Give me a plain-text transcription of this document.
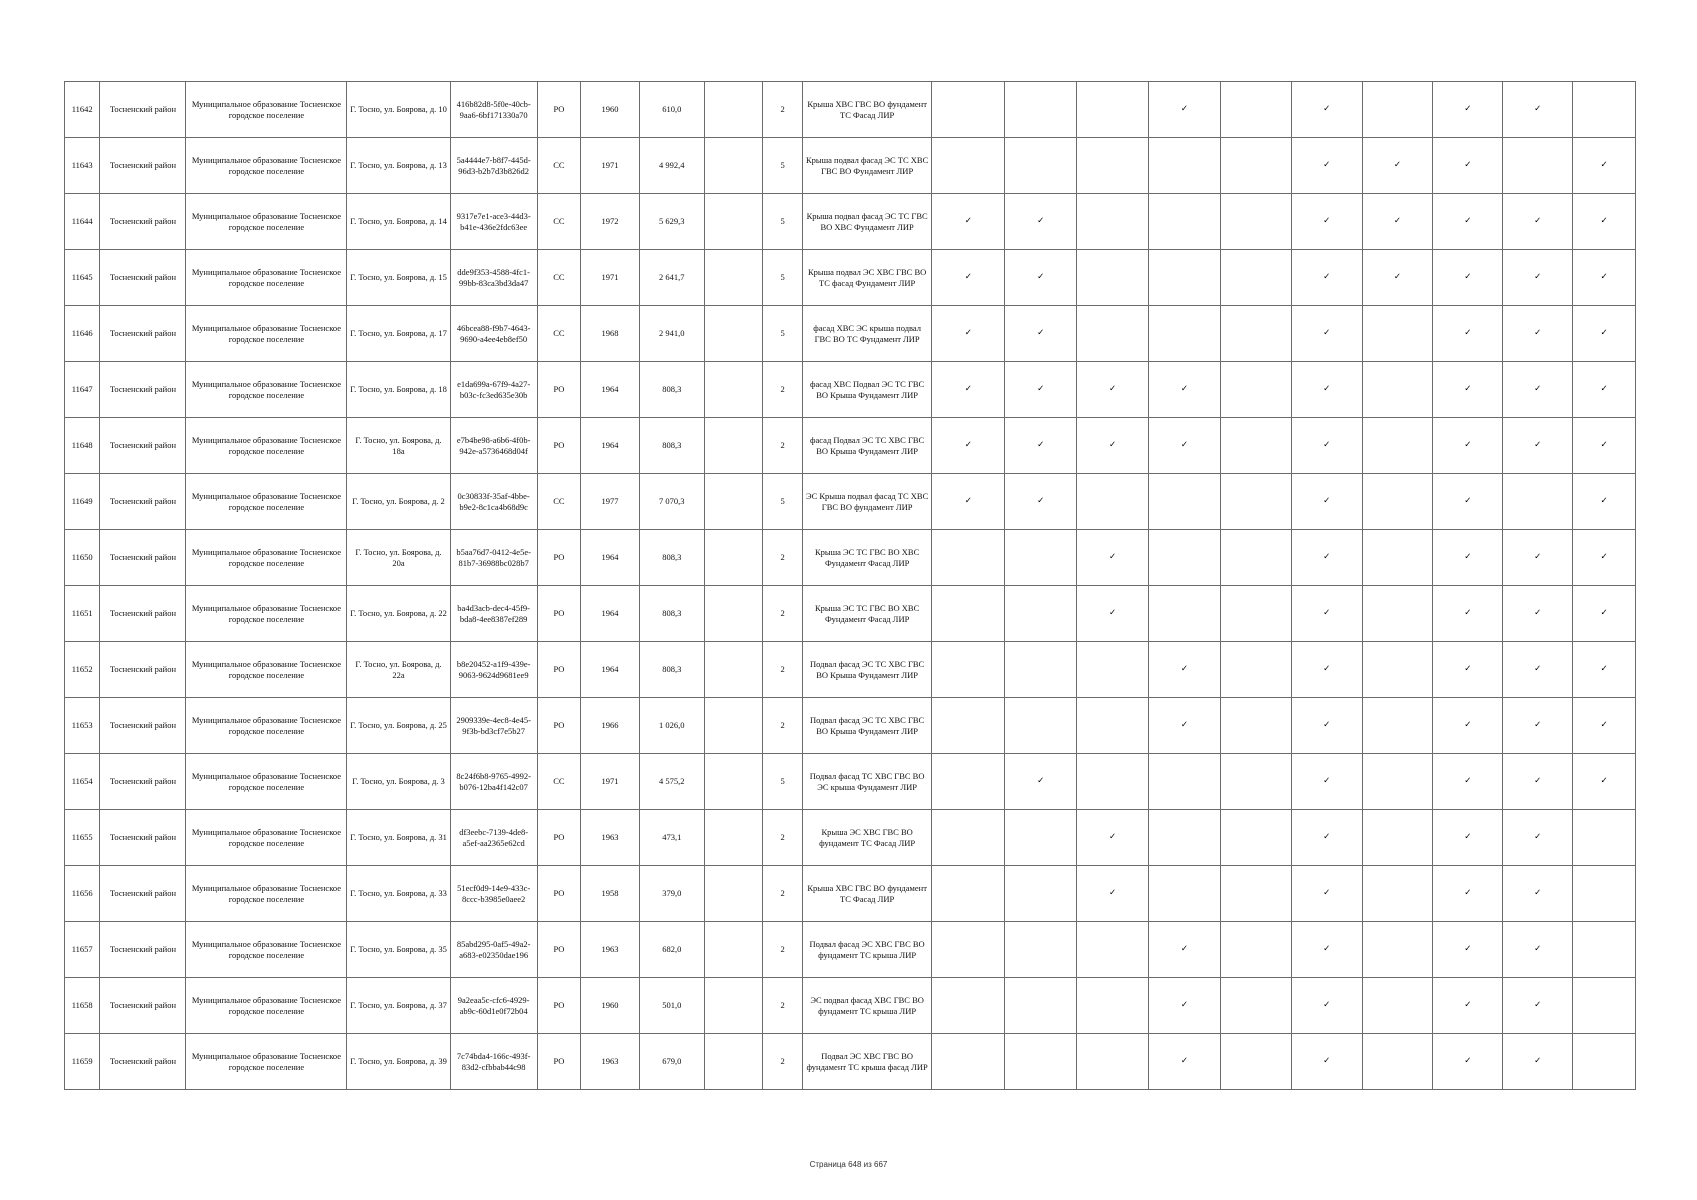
11642	Тосненский район	Муниципальное образование Тосненское городское поселение	Г. Тосно, ул. Боярова, д. 10	416b82d8-5f0e-40cb-9aa6-6bf171330a70	РО	1960	610,0		2	Крыша ХВС ГВС ВО фундамент ТС Фасад ЛИР				✓		✓		✓	✓	
11643	Тосненский район	Муниципальное образование Тосненское городское поселение	Г. Тосно, ул. Боярова, д. 13	5a4444e7-b8f7-445d-96d3-b2b7d3b826d2	СС	1971	4 992,4		5	Крыша подвал фасад ЭС ТС ХВС ГВС ВО Фундамент ЛИР						✓	✓	✓		✓
11644	Тосненский район	Муниципальное образование Тосненское городское поселение	Г. Тосно, ул. Боярова, д. 14	9317e7e1-ace3-44d3-b41e-436e2fdc63ee	СС	1972	5 629,3		5	Крыша подвал фасад ЭС ТС ГВС ВО ХВС Фундамент ЛИР	✓	✓				✓	✓	✓	✓	✓
11645	Тосненский район	Муниципальное образование Тосненское городское поселение	Г. Тосно, ул. Боярова, д. 15	dde9f353-4588-4fc1-99bb-83ca3bd3da47	СС	1971	2 641,7		5	Крыша подвал ЭС ХВС ГВС ВО ТС фасад Фундамент ЛИР	✓	✓				✓	✓	✓	✓	✓
11646	Тосненский район	Муниципальное образование Тосненское городское поселение	Г. Тосно, ул. Боярова, д. 17	46bcea88-f9b7-4643-9690-a4ee4eb8ef50	СС	1968	2 941,0		5	фасад ХВС ЭС крыша подвал ГВС ВО ТС Фундамент ЛИР	✓	✓				✓		✓	✓	✓
11647	Тосненский район	Муниципальное образование Тосненское городское поселение	Г. Тосно, ул. Боярова, д. 18	e1da699a-67f9-4a27-b03c-fc3ed635e30b	РО	1964	808,3		2	фасад ХВС Подвал ЭС ТС ГВС ВО Крыша Фундамент ЛИР	✓	✓	✓	✓		✓		✓	✓	✓
11648	Тосненский район	Муниципальное образование Тосненское городское поселение	Г. Тосно, ул. Боярова, д. 18а	e7b4be98-a6b6-4f0b-942e-a5736468d04f	РО	1964	808,3		2	фасад Подвал ЭС ТС ХВС ГВС ВО Крыша Фундамент ЛИР	✓	✓	✓	✓		✓		✓	✓	✓
11649	Тосненский район	Муниципальное образование Тосненское городское поселение	Г. Тосно, ул. Боярова, д. 2	0c30833f-35af-4bbe-b9e2-8c1ca4b68d9c	СС	1977	7 070,3		5	ЭС Крыша подвал фасад ТС ХВС ГВС ВО фундамент ЛИР	✓	✓				✓		✓		✓
11650	Тосненский район	Муниципальное образование Тосненское городское поселение	Г. Тосно, ул. Боярова, д. 20а	b5aa76d7-0412-4e5e-81b7-36988bc028b7	РО	1964	808,3		2	Крыша ЭС ТС ГВС ВО ХВС Фундамент Фасад ЛИР			✓			✓		✓	✓	✓
11651	Тосненский район	Муниципальное образование Тосненское городское поселение	Г. Тосно, ул. Боярова, д. 22	ba4d3acb-dec4-45f9-bda8-4ee8387ef289	РО	1964	808,3		2	Крыша ЭС ТС ГВС ВО ХВС Фундамент Фасад ЛИР			✓			✓		✓	✓	✓
11652	Тосненский район	Муниципальное образование Тосненское городское поселение	Г. Тосно, ул. Боярова, д. 22а	b8e20452-a1f9-439e-9063-9624d9681ee9	РО	1964	808,3		2	Подвал фасад ЭС ТС ХВС ГВС ВО Крыша Фундамент ЛИР				✓		✓		✓	✓	✓
11653	Тосненский район	Муниципальное образование Тосненское городское поселение	Г. Тосно, ул. Боярова, д. 25	2909339e-4ec8-4e45-9f3b-bd3cf7e5b27	РО	1966	1 026,0		2	Подвал фасад ЭС ТС ХВС ГВС ВО Крыша Фундамент ЛИР				✓		✓		✓	✓	✓
11654	Тосненский район	Муниципальное образование Тосненское городское поселение	Г. Тосно, ул. Боярова, д. 3	8c24f6b8-9765-4992-b076-12ba4f142c07	СС	1971	4 575,2		5	Подвал фасад ТС ХВС ГВС ВО ЭС крыша Фундамент ЛИР		✓				✓		✓	✓	✓
11655	Тосненский район	Муниципальное образование Тосненское городское поселение	Г. Тосно, ул. Боярова, д. 31	df3eebc-7139-4de8-a5ef-aa2365e62cd	РО	1963	473,1		2	Крыша ЭС ХВС ГВС ВО фундамент ТС Фасад ЛИР			✓			✓		✓	✓	
11656	Тосненский район	Муниципальное образование Тосненское городское поселение	Г. Тосно, ул. Боярова, д. 33	51ecf0d9-14e9-433c-8ccc-b3985e0aee2	РО	1958	379,0		2	Крыша ХВС ГВС ВО фундамент ТС Фасад ЛИР			✓			✓		✓	✓	
11657	Тосненский район	Муниципальное образование Тосненское городское поселение	Г. Тосно, ул. Боярова, д. 35	85abd295-0af5-49a2-a683-e02350dae196	РО	1963	682,0		2	Подвал фасад ЭС ХВС ГВС ВО фундамент ТС крыша ЛИР				✓		✓		✓	✓	
11658	Тосненский район	Муниципальное образование Тосненское городское поселение	Г. Тосно, ул. Боярова, д. 37	9a2eaa5c-cfc6-4929-ab9c-60d1e0f72b04	РО	1960	501,0		2	ЭС подвал фасад ХВС ГВС ВО фундамент ТС крыша ЛИР				✓		✓		✓	✓	
11659	Тосненский район	Муниципальное образование Тосненское городское поселение	Г. Тосно, ул. Боярова, д. 39	7c74bda4-166c-493f-83d2-cfbbab44c98	РО	1963	679,0		2	Подвал ЭС ХВС ГВС ВО фундамент ТС крыша фасад ЛИР				✓		✓		✓	✓	
Страница 648 из 667
